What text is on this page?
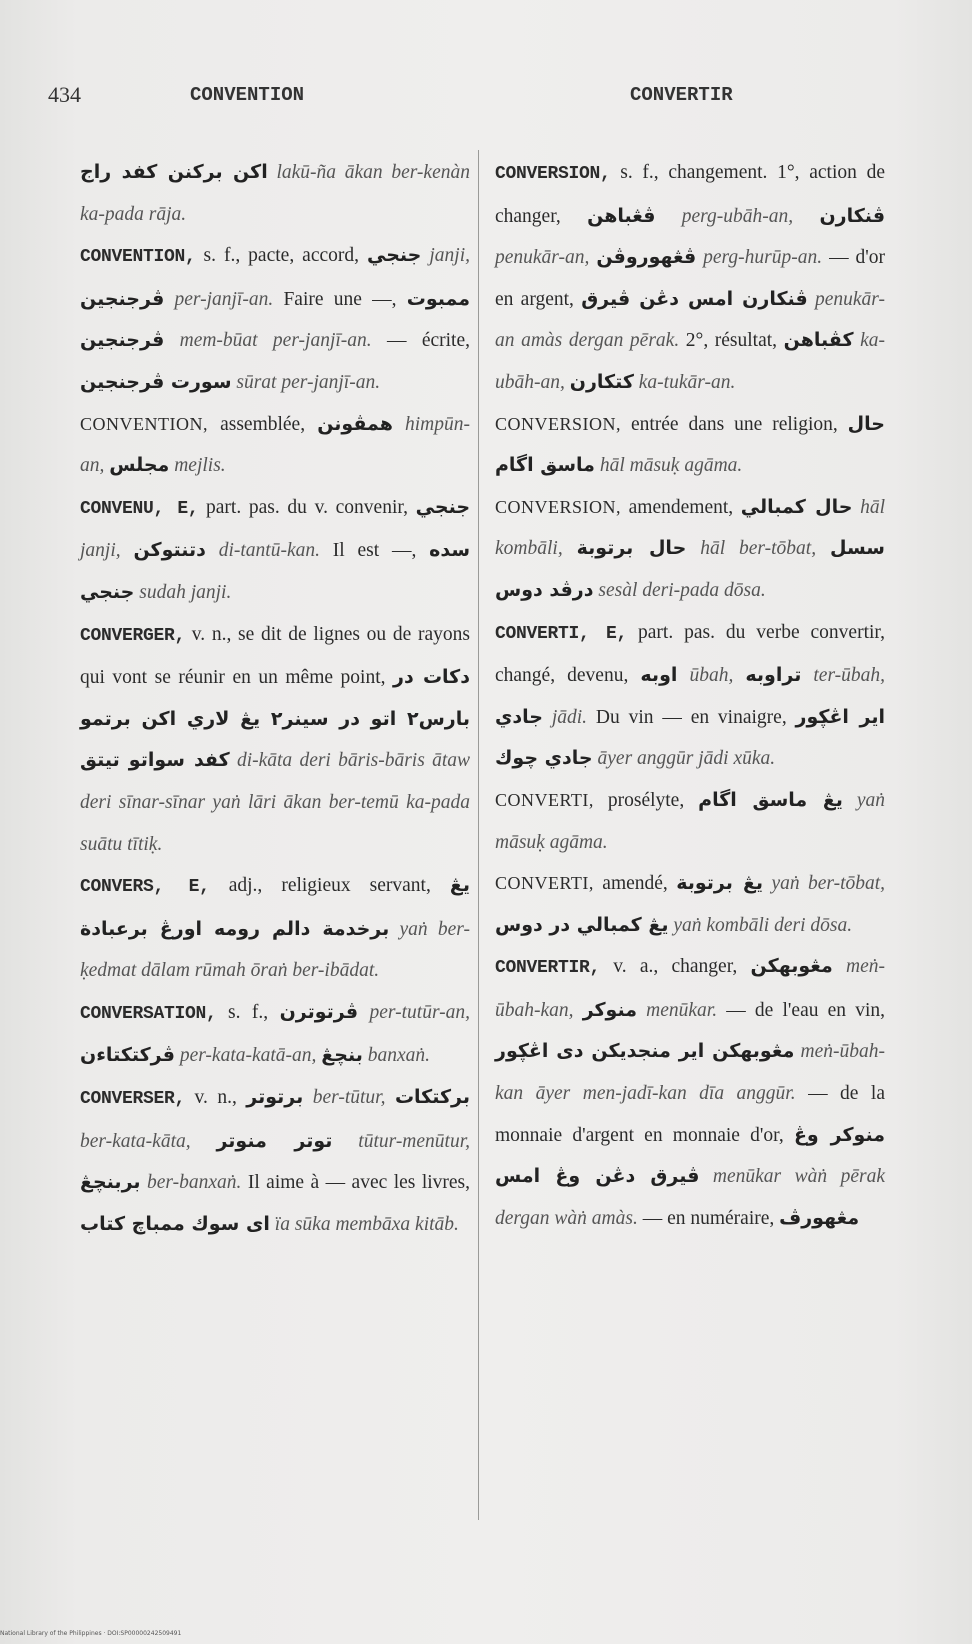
434	CONVENTION	CONVERTIR

اكن بركنن كفد راج lakū-ña ākan ber-kenàn ka-pada rāja.

CONVENTION, s. f., pacte, accord, جنجي janji, ڤرجنجين per-janjī-an. Faire une —, ممبوت ڤرجنجين mem-būat per-janjī-an. — écrite, سورت ڤرجنجين sūrat per-janjī-an.

CONVENTION, assemblée, همڤونن himpūn-an, مجلس mejlis.

CONVENU, E, part. pas. du v. convenir, جنجي janji, دتنتوكن di-tantū-kan. Il est —, سده جنجي sudah janji.

CONVERGER, v. n., se dit de lignes ou de rayons qui vont se réunir en un même point, دكات در بارس٢ اتو در سينر٢ يڠ لاري اكن برتمو كفد سواتو تيتق di-kāta deri bāris-bāris ātaw deri sīnar-sīnar yaṅ lāri ākan ber-temū ka-pada suātu tītiḳ.

CONVERS, E, adj., religieux servant, يڠ برخدمة دالم رومه اورڠ برعبادة yaṅ ber-ḳedmat dālam rūmah ōraṅ ber-ibādat.

CONVERSATION, s. f., ڤرتوترن per-tutūr-an, ڤركتكتاءن per-kata-katā-an, بنچڠ banxaṅ.

CONVERSER, v. n., برتوتر ber-tūtur, بركتكات ber-kata-kāta, توتر منوتر tūtur-menūtur, بربنچڠ ber-banxaṅ. Il aime à — avec les livres, اى سوك ممباچ كتاب ïa sūka membāxa kitāb.

CONVERSION, s. f., changement. 1°, action de changer, ڤڠباهن perg-ubāh-an, ڤنكارن penukār-an, ڤڠهوروڤن perg-hurūp-an. — d'or en argent, ڤنكارن امس دڠن ڤيرق penukār-an amàs dergan pērak. 2°, résultat, كڤباهن ka-ubāh-an, كتكارن ka-tukār-an.

CONVERSION, entrée dans une religion, حال ماسق اگام hāl māsuḳ agāma.

CONVERSION, amendement, حال كمبالي hāl kombāli, حال برتوبة hāl ber-tōbat, سسل درڤد دوس sesàl deri-pada dōsa.

CONVERTI, E, part. pas. du verbe convertir, changé, devenu, اوبه ūbah, تراوبه ter-ūbah, جادي jādi. Du vin — en vinaigre, اير اڠڮور جادي چوك āyer anggūr jādi xūka.

CONVERTI, prosélyte, يڠ ماسق اگام yaṅ māsuḳ agāma.

CONVERTI, amendé, يڠ برتوبة yaṅ ber-tōbat, يڠ كمبالي در دوس yaṅ kombāli deri dōsa.

CONVERTIR, v. a., changer, مڠوبهكن meṅ-ūbah-kan, منوكر menūkar. — de l'eau en vin, مڠوبهكن اير منجديكن دى اڠڮور meṅ-ūbah-kan āyer men-jadī-kan dīa anggūr. — de la monnaie d'argent en monnaie d'or, منوكر وڠ ڤيرق دڠن وڠ امس menūkar wàṅ pērak dergan wàṅ amàs. — en numéraire, مڠهورڤ

National Library of the Philippines · DOI:SP00000242509491
